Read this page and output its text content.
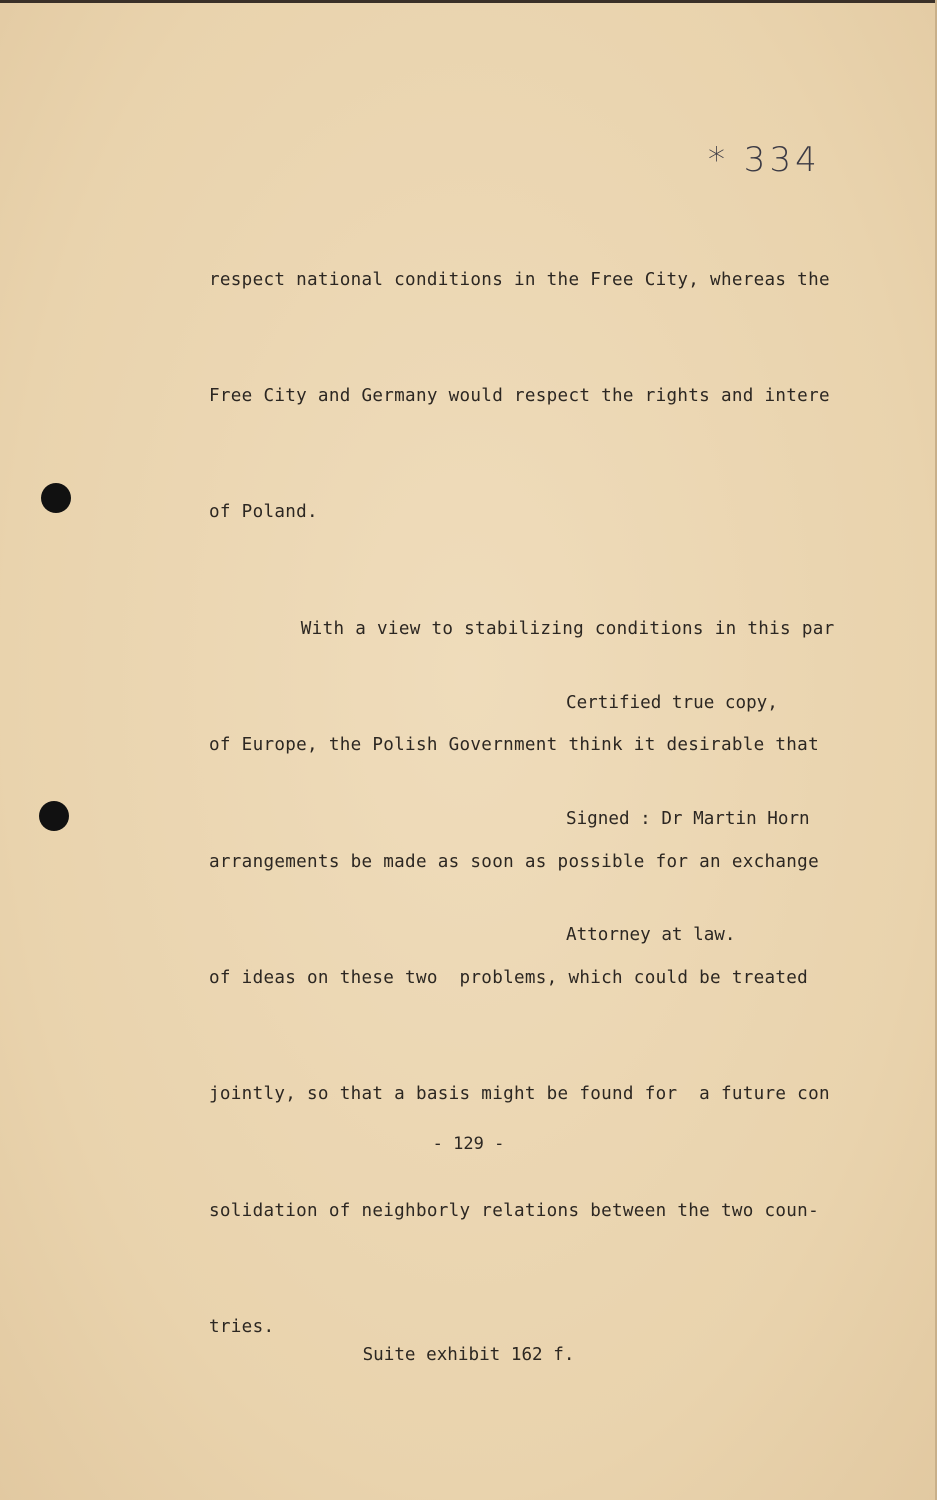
* 334

respect national conditions in the Free City, whereas the

Free City and Germany would respect the rights and intere

of Poland.

With a view to stabilizing conditions in this par

of Europe, the Polish Government think it desirable that

arrangements be made as soon as possible for an exchange

of ideas on these two  problems, which could be treated

jointly, so that a basis might be found for  a future con

solidation of neighborly relations between the two coun-

tries.

Certified true copy,

Signed : Dr Martin Horn

Attorney at law.

- 129 -
Suite exhibit 162 f.
